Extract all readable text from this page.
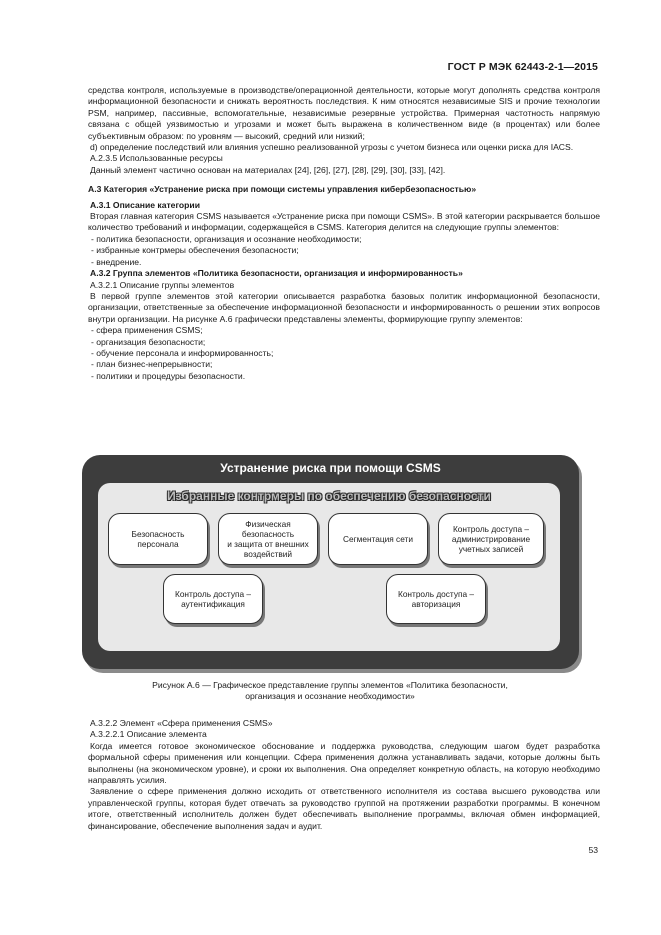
ГОСТ Р МЭК 62443-2-1—2015

средства контроля, используемые в производстве/операционной деятельности, которые могут дополнять средства контроля информационной безопасности и снижать вероятность последствия. К ним относятся независимые SIS и прочие технологии PSM, например, пассивные, вспомогательные, независимые резервные устройства. Примерная частотность напрямую связана с общей уязвимостью и угрозами и может быть выражена в количественном виде (в процентах) или более субъективным образом: по уровням — высокий, средний или низкий;

d) определение последствий или влияния успешно реализованной угрозы с учетом бизнеса или оценки риска для IACS.

А.2.3.5 Использованные ресурсы

Данный элемент частично основан на материалах [24], [26], [27], [28], [29], [30], [33], [42].

А.3 Категория «Устранение риска при помощи системы управления кибербезопасностью»

А.3.1 Описание категории

Вторая главная категория CSMS называется «Устранение риска при помощи CSMS». В этой категории раскрывается большое количество требований и информации, содержащейся в CSMS. Категория делится на следующие группы элементов:

- политика безопасности, организация и осознание необходимости;

- избранные контрмеры обеспечения безопасности;

- внедрение.

А.3.2 Группа элементов «Политика безопасности, организация и информированность»

А.3.2.1 Описание группы элементов

В первой группе элементов этой категории описывается разработка базовых политик информационной безопасности, организации, ответственные за обеспечение информационной безопасности и информированность о решении этих вопросов внутри организации. На рисунке А.6 графически представлены элементы, формирующие группу элементов:

- сфера применения CSMS;

- организация безопасности;

- обучение персонала и информированность;

- план бизнес-непрерывности;

- политики и процедуры безопасности.

Устранение риска при помощи CSMS
Избранные контрмеры по обеспечению безопасности
Безопасность
персонала
Физическая
безопасность
и защита от внешних
воздействий
Сегментация сети
Контроль доступа –
администрирование
учетных записей
Контроль доступа –
аутентификация
Контроль доступа –
авторизация
Рисунок А.6 — Графическое представление группы элементов «Политика безопасности,
организация и осознание необходимости»

А.3.2.2 Элемент «Сфера применения CSMS»

А.3.2.2.1 Описание элемента

Когда имеется готовое экономическое обоснование и поддержка руководства, следующим шагом будет разработка формальной сферы применения или концепции. Сфера применения должна устанавливать задачи, которые должны быть выполнены (на экономическом уровне), и сроки их выполнения. Она определяет конкретную область, на которую необходимо направлять усилия.

Заявление о сфере применения должно исходить от ответственного исполнителя из состава высшего руководства или управленческой группы, которая будет отвечать за руководство группой на протяжении разработки программы. В конечном итоге, ответственный исполнитель должен будет обеспечивать выполнение программы, включая обмен информацией, финансирование, обеспечение выполнения задач и аудит.

53
